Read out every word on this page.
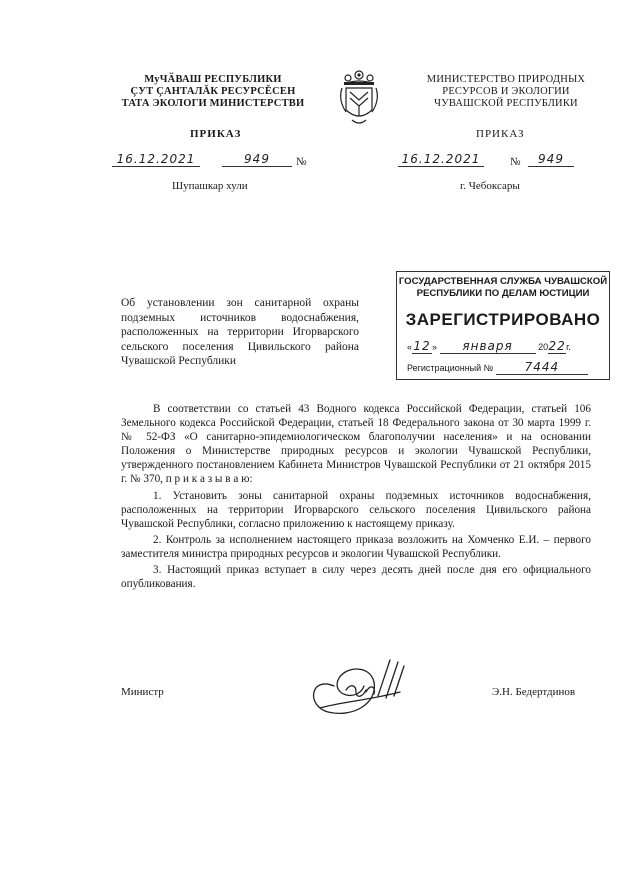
МуЧӐВАШ РЕСПУБЛИКИ
ÇУТ ÇАНТАЛĂК РЕСУРСĔСЕН
ТАТА ЭКОЛОГИ МИНИСТЕРСТВИ
МИНИСТЕРСТВО ПРИРОДНЫХ
РЕСУРСОВ И ЭКОЛОГИИ
ЧУВАШСКОЙ РЕСПУБЛИКИ
ПРИКАЗ	ПРИКАЗ
16.12.2021	949	№	16.12.2021	№	949
Шупашкар хули	г. Чебоксары
ГОСУДАРСТВЕННАЯ СЛУЖБА ЧУВАШСКОЙ РЕСПУБЛИКИ ПО ДЕЛАМ ЮСТИЦИИ
ЗАРЕГИСТРИРОВАНО
«12» января	2022г.
Регистрационный №	7444
Об установлении зон санитарной охраны подземных источников водоснабжения, расположенных на территории Игорварского сельского поселения Цивильского района Чувашской Республики

В соответствии со статьей 43 Водного кодекса Российской Федерации, статьей 106 Земельного кодекса Российской Федерации, статьей 18 Федерального закона от 30 марта 1999 г. № 52-ФЗ «О санитарно-эпидемиологическом благополучии населения» и на основании Положения о Министерстве природных ресурсов и экологии Чувашской Республики, утвержденного постановлением Кабинета Министров Чувашской Республики от 21 октября 2015 г. № 370, п р и к а з ы в а ю:

1. Установить зоны санитарной охраны подземных источников водоснабжения, расположенных на территории Игорварского сельского поселения Цивильского района Чувашской Республики, согласно приложению к настоящему приказу.

2. Контроль за исполнением настоящего приказа возложить на Хомченко Е.И. – первого заместителя министра природных ресурсов и экологии Чувашской Республики.

3. Настоящий приказ вступает в силу через десять дней после дня его официального опубликования.

Министр	Э.Н. Бедертдинов
